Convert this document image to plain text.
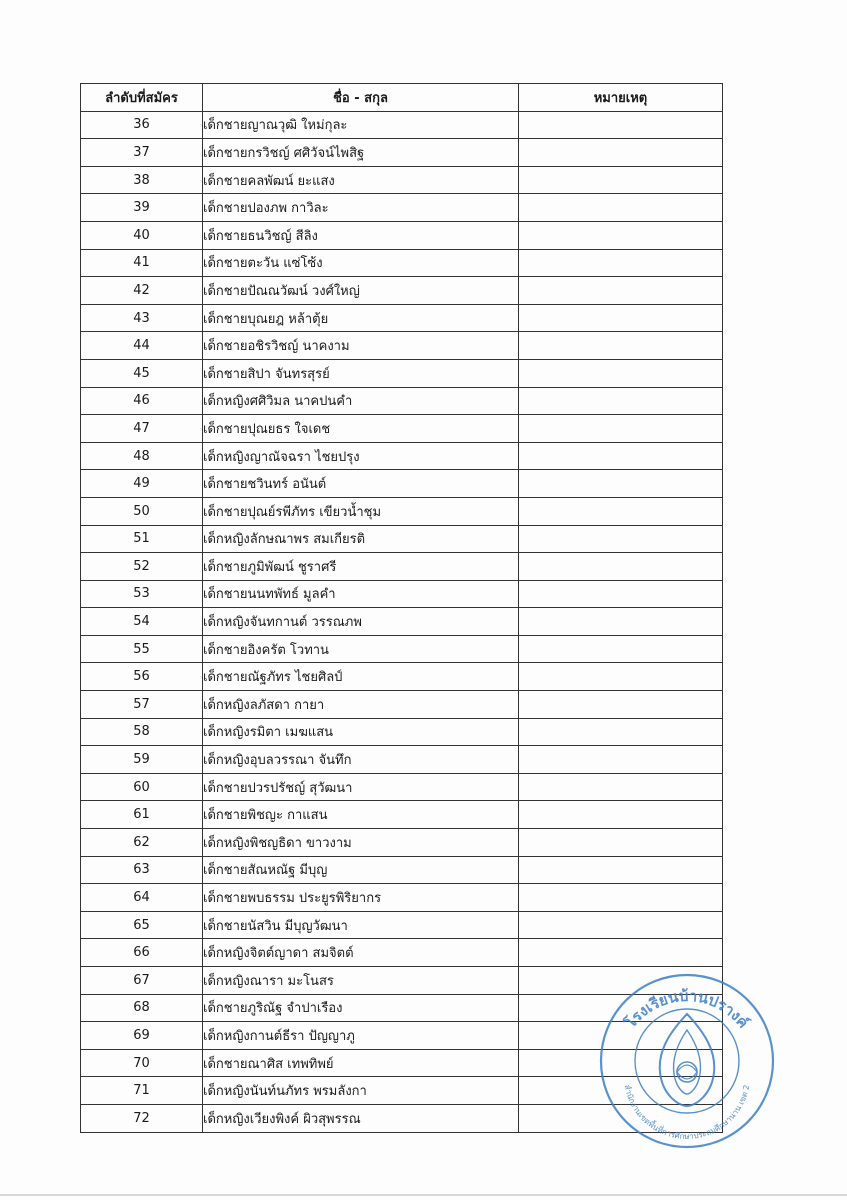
ลำดับที่สมัคร	ชื่อ - สกุล	หมายเหตุ
36	เด็กชายญาณวุฒิ ใหม่กุละ	
37	เด็กชายกรวิชญ์ ศศิวัจน์ไพสิฐ	
38	เด็กชายคลพัฒน์ ยะแสง	
39	เด็กชายปองภพ กาวิละ	
40	เด็กชายธนวิชญ์ สีลิง	
41	เด็กชายตะวัน แซ่โซ้ง	
42	เด็กชายปัณณวัฒน์ วงศ์ใหญ่	
43	เด็กชายบุณยฎ หล้าตุ้ย	
44	เด็กชายอชิรวิชญ์ นาคงาม	
45	เด็กชายสิปา จันทรสุรย์	
46	เด็กหญิงศศิวิมล นาคปนคำ	
47	เด็กชายปุณยธร ใจเดช	
48	เด็กหญิงญาณัจฉรา ไชยปรุง	
49	เด็กชายชวินทร์ อนันต์	
50	เด็กชายปุณย์รพีภัทร เขียวน้ำชุม	
51	เด็กหญิงลักษณาพร สมเกียรติ	
52	เด็กชายภูมิพัฒน์ ชูราศรี	
53	เด็กชายนนทพัทธ์ มูลคำ	
54	เด็กหญิงจันทกานต์ วรรณภพ	
55	เด็กชายอิงครัต โวทาน	
56	เด็กชายณัฐภัทร ไชยศิลป์	
57	เด็กหญิงลภัสดา กายา	
58	เด็กหญิงรมิตา เมฆแสน	
59	เด็กหญิงอุบลวรรณา จันทึก	
60	เด็กชายปวรปรัชญ์ สุวัฒนา	
61	เด็กชายพิชญะ กาแสน	
62	เด็กหญิงพิชญธิดา ขาวงาม	
63	เด็กชายสัณหณัฐ มีบุญ	
64	เด็กชายพบธรรม ประยูรพิริยากร	
65	เด็กชายนัสวิน มีบุญวัฒนา	
66	เด็กหญิงจิตต์ญาดา สมจิตต์	
67	เด็กหญิงณารา มะโนสร	
68	เด็กชายภูริณัฐ จำปาเรือง	
69	เด็กหญิงกานต์ธีรา ปัญญาภู	
70	เด็กชายณาศิส เทพทิพย์	
71	เด็กหญิงนันท์นภัทร พรมลังกา	
72	เด็กหญิงเวียงพิงค์ ผิวสุพรรณ	
โรงเรียนบ้านปรางค์
สำนักงานเขตพื้นที่การศึกษาประถมศึกษาน่าน เขต 2
